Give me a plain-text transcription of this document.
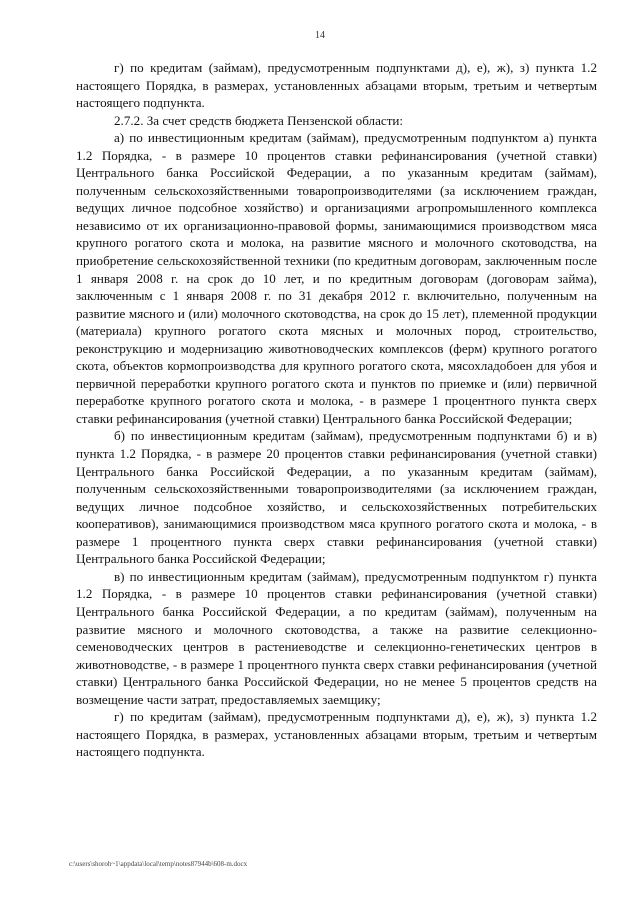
14

г) по кредитам (займам), предусмотренным подпунктами д), е), ж), з) пункта 1.2 настоящего Порядка, в размерах, установленных абзацами вторым, третьим и четвертым настоящего подпункта.

2.7.2. За счет средств бюджета Пензенской области:

а) по инвестиционным кредитам (займам), предусмотренным подпунктом а) пункта 1.2 Порядка, - в размере 10 процентов ставки рефинансирования (учетной ставки) Центрального банка Российской Федерации, а по указанным кредитам (займам), полученным сельскохозяйственными товаропроизводителями (за исключением граждан, ведущих личное подсобное хозяйство) и организациями агропромышленного комплекса независимо от их организационно-правовой формы, занимающимися производством мяса крупного рогатого скота и молока, на развитие мясного и молочного скотоводства, на приобретение сельскохозяйственной техники (по кредитным договорам, заключенным после 1 января 2008 г. на срок до 10 лет, и по кредитным договорам (договорам займа), заключенным с 1 января 2008 г. по 31 декабря 2012 г. включительно, полученным на развитие мясного и (или) молочного скотоводства, на срок до 15 лет), племенной продукции (материала) крупного рогатого скота мясных и молочных пород, строительство, реконструкцию и модернизацию животноводческих комплексов (ферм) крупного рогатого скота, объектов кормопроизводства для крупного рогатого скота, мясохладобоен для убоя и первичной переработки крупного рогатого скота и пунктов по приемке и (или) первичной переработке крупного рогатого скота и молока, - в размере 1 процентного пункта сверх ставки рефинансирования (учетной ставки) Центрального банка Российской Федерации;

б) по инвестиционным кредитам (займам), предусмотренным подпунктами б) и в) пункта 1.2 Порядка, - в размере 20 процентов ставки рефинансирования (учетной ставки) Центрального банка Российской Федерации, а по указанным кредитам (займам), полученным сельскохозяйственными товаропроизводителями (за исключением граждан, ведущих личное подсобное хозяйство, и сельскохозяйственных потребительских кооперативов), занимающимися производством мяса крупного рогатого скота и молока, - в размере 1 процентного пункта сверх ставки рефинансирования (учетной ставки) Центрального банка Российской Федерации;

в) по инвестиционным кредитам (займам), предусмотренным подпунктом г) пункта 1.2 Порядка, - в размере 10 процентов ставки рефинансирования (учетной ставки) Центрального банка Российской Федерации, а по кредитам (займам), полученным на развитие мясного и молочного скотоводства, а также на развитие селекционно-семеноводческих центров в растениеводстве и селекционно-генетических центров в животноводстве, - в размере 1 процентного пункта сверх ставки рефинансирования (учетной ставки) Центрального банка Российской Федерации, но не менее 5 процентов средств на возмещение части затрат, предоставляемых заемщику;

г) по кредитам (займам), предусмотренным подпунктами д), е), ж), з) пункта 1.2 настоящего Порядка, в размерах, установленных абзацами вторым, третьим и четвертым настоящего подпункта.

c:\users\shoroh~1\appdata\local\temp\notes87944b\608-m.docx
